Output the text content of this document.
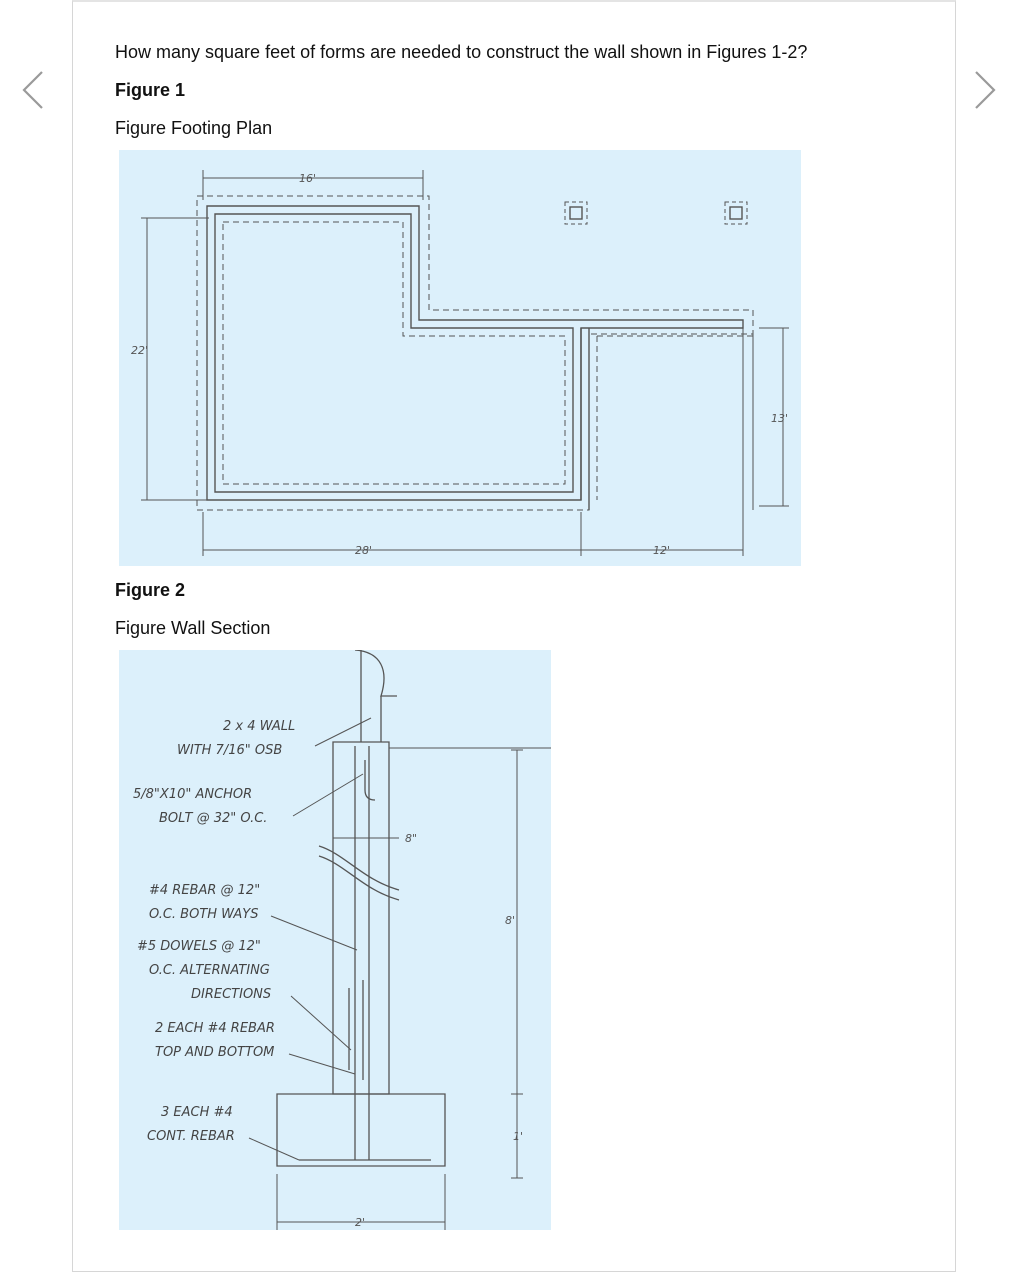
How many square feet of forms are needed to construct the wall shown in Figures 1-2?

Figure 1

Figure Footing Plan

16'
22'
13'
28'	12'

Figure 2

Figure Wall Section

2 x 4 WALL
WITH 7/16" OSB
5/8"X10" ANCHOR
BOLT @ 32" O.C.
#4 REBAR @ 12"
O.C. BOTH WAYS
#5 DOWELS @ 12"
O.C. ALTERNATING
DIRECTIONS
2 EACH #4 REBAR
TOP AND BOTTOM
3 EACH #4
CONT. REBAR
8"
8'
1'
2'
